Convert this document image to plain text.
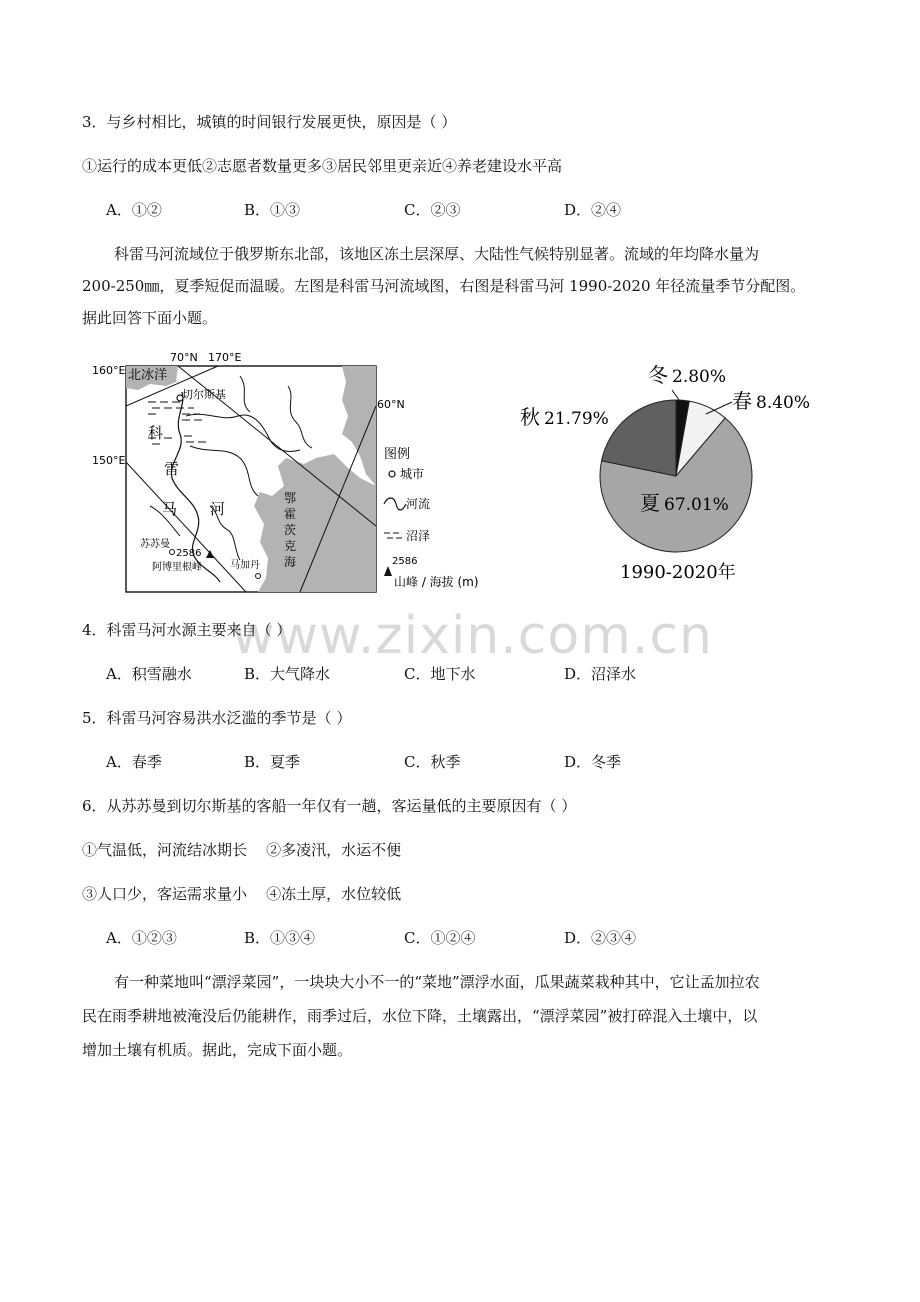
3．与乡村相比，城镇的时间银行发展更快，原因是（ ）
①运行的成本更低②志愿者数量更多③居民邻里更亲近④养老建设水平高
A．①②	B．①③	C．②③	D．②④
科雷马河流域位于俄罗斯东北部，该地区冻土层深厚、大陆性气候特别显著。流域的年均降水量为
200-250㎜，夏季短促而温暖。左图是科雷马河流域图，右图是科雷马河 1990-2020 年径流量季节分配图。
据此回答下面小题。
70°N 170°E
160°E
150°E
60°N
北冰洋
切尔斯基
科
雷
马 河
苏苏曼
2586
阿博里根峰	马加丹
鄂
霍
茨
克
海
图例
城市
河流
沼泽
2586
山峰 / 海拔 (m)
冬 2.80%
春 8.40%
秋 21.79%
夏 67.01%
1990-2020年
www.zixin.com.cn
4．科雷马河水源主要来自（ ）
A．积雪融水	B．大气降水	C．地下水	D．沼泽水
5．科雷马河容易洪水泛滥的季节是（ ）
A．春季	B．夏季	C．秋季	D．冬季
6．从苏苏曼到切尔斯基的客船一年仅有一趟，客运量低的主要原因有（ ）
①气温低，河流结冰期长    ②多凌汛，水运不便
③人口少，客运需求量小    ④冻土厚，水位较低
A．①②③	B．①③④	C．①②④	D．②③④
有一种菜地叫“漂浮菜园”，一块块大小不一的“菜地”漂浮水面，瓜果蔬菜栽种其中，它让孟加拉农
民在雨季耕地被淹没后仍能耕作，雨季过后，水位下降，土壤露出，“漂浮菜园”被打碎混入土壤中，以
增加土壤有机质。据此，完成下面小题。
